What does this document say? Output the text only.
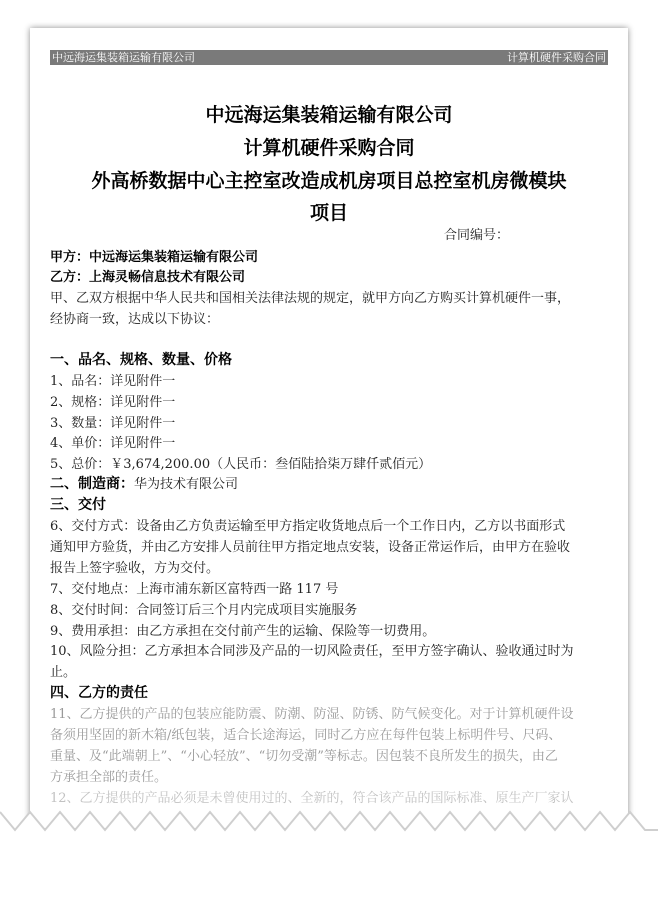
中远海运集装箱运输有限公司	计算机硬件采购合同
中远海运集装箱运输有限公司
计算机硬件采购合同
外高桥数据中心主控室改造成机房项目总控室机房微模块
项目
合同编号：
甲方：中远海运集装箱运输有限公司
乙方：上海灵畅信息技术有限公司
甲、乙双方根据中华人民共和国相关法律法规的规定，就甲方向乙方购买计算机硬件一事，
经协商一致，达成以下协议：
一、品名、规格、数量、价格
1、品名：详见附件一
2、规格：详见附件一
3、数量：详见附件一
4、单价：详见附件一
5、总价：￥3,674,200.00（人民币：叁佰陆拾柒万肆仟贰佰元）
二、制造商：华为技术有限公司
三、交付
6、交付方式：设备由乙方负责运输至甲方指定收货地点后一个工作日内，乙方以书面形式
通知甲方验货，并由乙方安排人员前往甲方指定地点安装，设备正常运作后，由甲方在验收
报告上签字验收，方为交付。
7、交付地点：上海市浦东新区富特西一路 117 号
8、交付时间：合同签订后三个月内完成项目实施服务
9、费用承担：由乙方承担在交付前产生的运输、保险等一切费用。
10、风险分担：乙方承担本合同涉及产品的一切风险责任，至甲方签字确认、验收通过时为
止。
四、乙方的责任
11、乙方提供的产品的包装应能防震、防潮、防湿、防锈、防气候变化。对于计算机硬件设
备须用坚固的新木箱/纸包装，适合长途海运，同时乙方应在每件包装上标明件号、尺码、
重量、及“此端朝上”、“小心轻放”、“切勿受潮”等标志。因包装不良所发生的损失，由乙
方承担全部的责任。
12、乙方提供的产品必须是未曾使用过的、全新的，符合该产品的国际标准、原生产厂家认
